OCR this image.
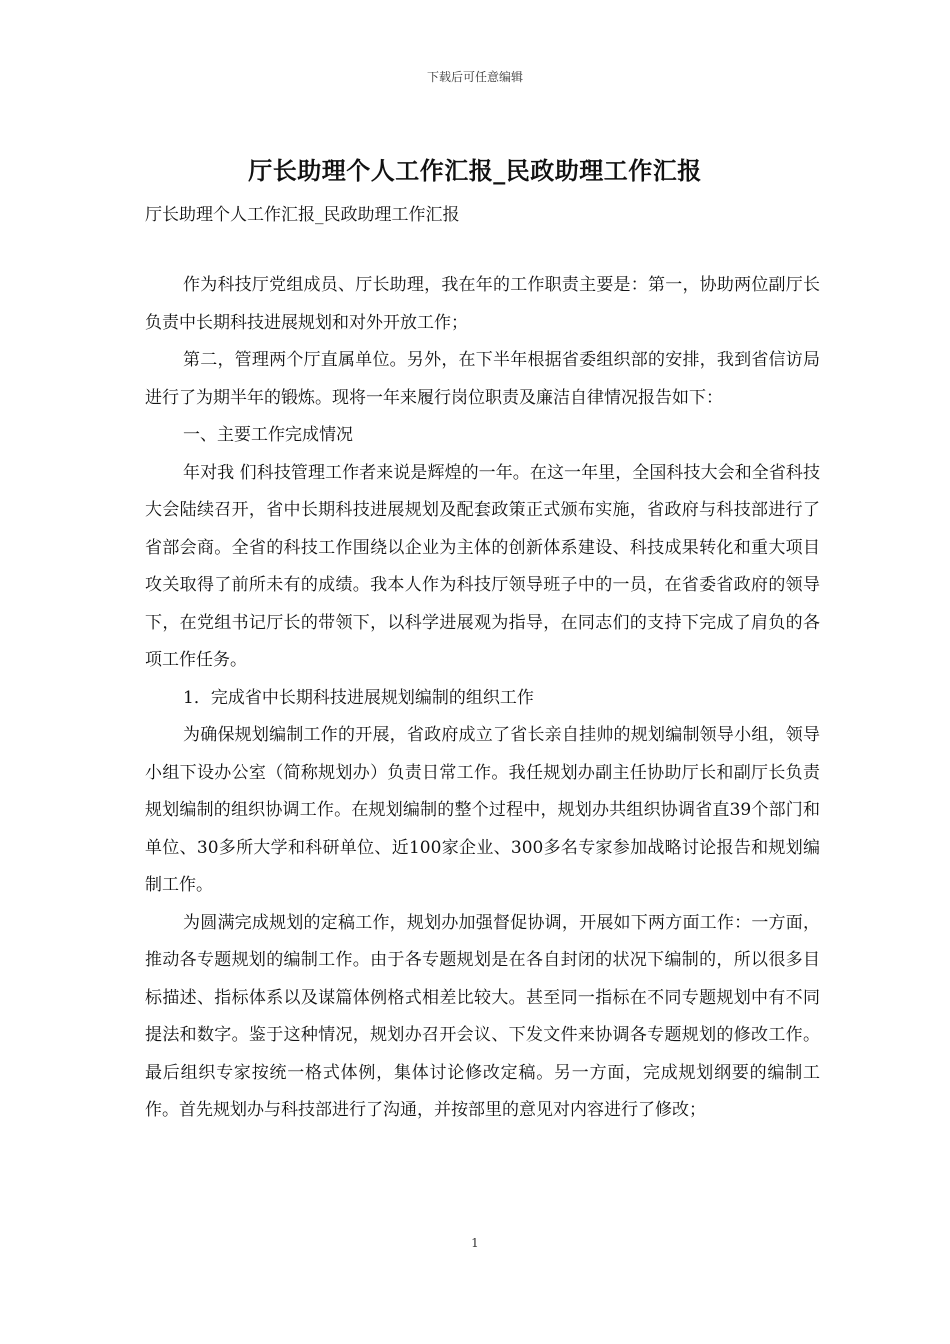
下载后可任意编辑
厅长助理个人工作汇报_民政助理工作汇报
厅长助理个人工作汇报_民政助理工作汇报

作为科技厅党组成员、厅长助理，我在年的工作职责主要是：第一，协助两位副厅长负责中长期科技进展规划和对外开放工作；

第二，管理两个厅直属单位。另外，在下半年根据省委组织部的安排，我到省信访局进行了为期半年的锻炼。现将一年来履行岗位职责及廉洁自律情况报告如下：

一、主要工作完成情况

年对我 们科技管理工作者来说是辉煌的一年。在这一年里，全国科技大会和全省科技大会陆续召开，省中长期科技进展规划及配套政策正式颁布实施，省政府与科技部进行了省部会商。全省的科技工作围绕以企业为主体的创新体系建设、科技成果转化和重大项目攻关取得了前所未有的成绩。我本人作为科技厅领导班子中的一员，在省委省政府的领导下，在党组书记厅长的带领下，以科学进展观为指导，在同志们的支持下完成了肩负的各项工作任务。

1．完成省中长期科技进展规划编制的组织工作

为确保规划编制工作的开展，省政府成立了省长亲自挂帅的规划编制领导小组，领导小组下设办公室（简称规划办）负责日常工作。我任规划办副主任协助厅长和副厅长负责规划编制的组织协调工作。在规划编制的整个过程中，规划办共组织协调省直39个部门和单位、30多所大学和科研单位、近100家企业、300多名专家参加战略讨论报告和规划编制工作。

为圆满完成规划的定稿工作，规划办加强督促协调，开展如下两方面工作：一方面，推动各专题规划的编制工作。由于各专题规划是在各自封闭的状况下编制的，所以很多目标描述、指标体系以及谋篇体例格式相差比较大。甚至同一指标在不同专题规划中有不同提法和数字。鉴于这种情况，规划办召开会议、下发文件来协调各专题规划的修改工作。最后组织专家按统一格式体例，集体讨论修改定稿。另一方面，完成规划纲要的编制工作。首先规划办与科技部进行了沟通，并按部里的意见对内容进行了修改；

1
